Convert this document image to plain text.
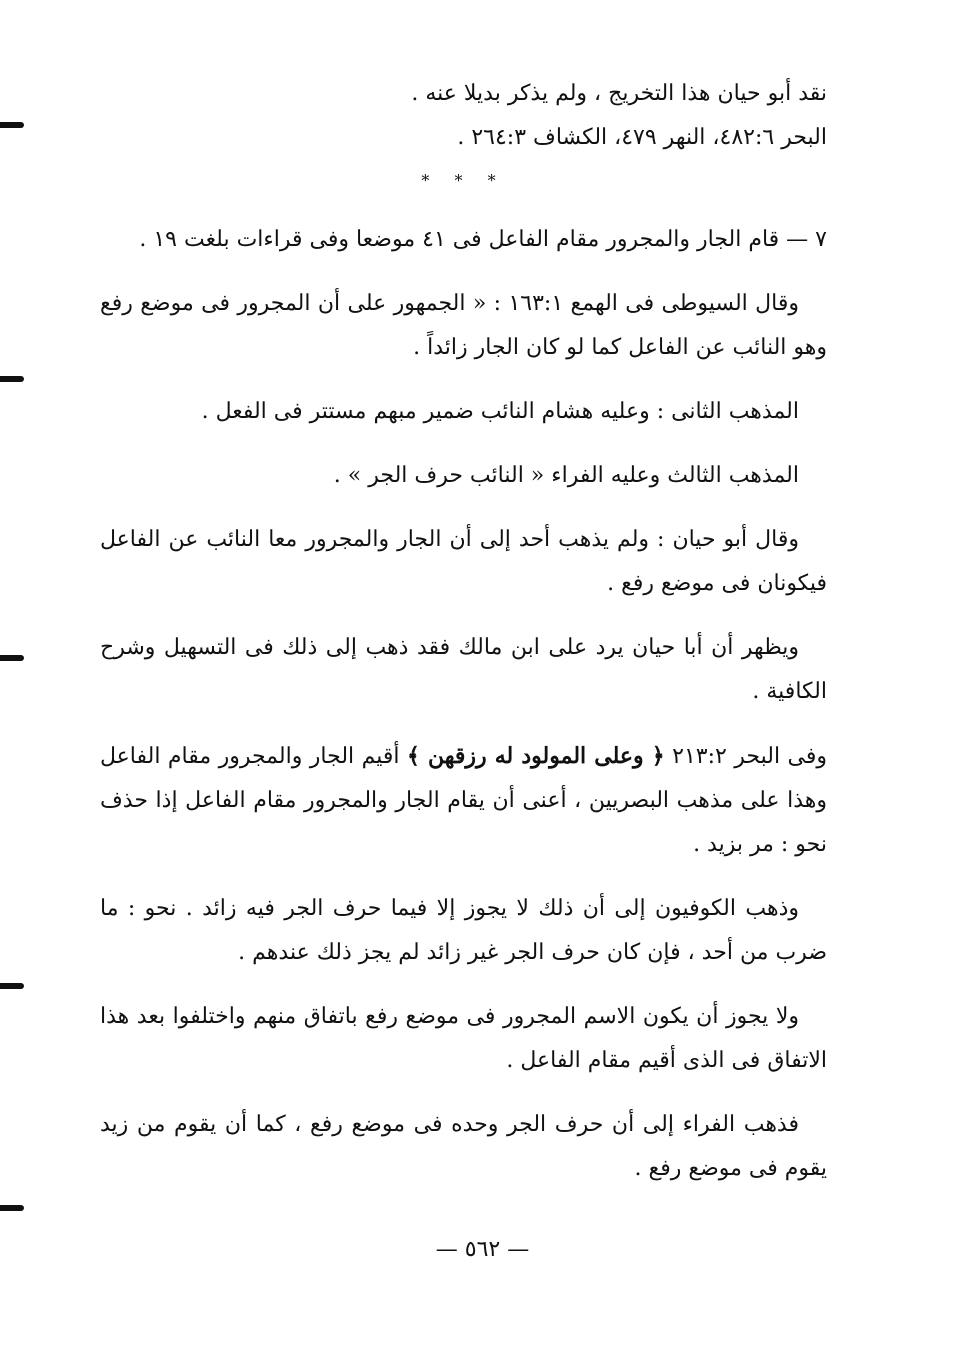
نقد أبو حيان هذا التخريج ، ولم يذكر بديلا عنه .
البحر ٤٨٢:٦، النهر ٤٧٩، الكشاف ٢٦٤:٣ .
* * *

٧ — قام الجار والمجرور مقام الفاعل فى ٤١ موضعا وفى قراءات بلغت ١٩ .

وقال السيوطى فى الهمع ١٦٣:١ : « الجمهور على أن المجرور فى موضع رفع وهو النائب عن الفاعل كما لو كان الجار زائداً .

المذهب الثانى : وعليه هشام النائب ضمير مبهم مستتر فى الفعل .

المذهب الثالث وعليه الفراء « النائب حرف الجر » .

وقال أبو حيان : ولم يذهب أحد إلى أن الجار والمجرور معا النائب عن الفاعل فيكونان فى موضع رفع .

ويظهر أن أبا حيان يرد على ابن مالك فقد ذهب إلى ذلك فى التسهيل وشرح الكافية .

وفى البحر ٢١٣:٢ ﴿ وعلى المولود له رزقهن ﴾ أقيم الجار والمجرور مقام الفاعل وهذا على مذهب البصريين ، أعنى أن يقام الجار والمجرور مقام الفاعل إذا حذف نحو : مر بزيد .

وذهب الكوفيون إلى أن ذلك لا يجوز إلا فيما حرف الجر فيه زائد . نحو : ما ضرب من أحد ، فإن كان حرف الجر غير زائد لم يجز ذلك عندهم .

ولا يجوز أن يكون الاسم المجرور فى موضع رفع باتفاق منهم واختلفوا بعد هذا الاتفاق فى الذى أقيم مقام الفاعل .

فذهب الفراء إلى أن حرف الجر وحده فى موضع رفع ، كما أن يقوم من زيد يقوم فى موضع رفع .

— ٥٦٢ —
